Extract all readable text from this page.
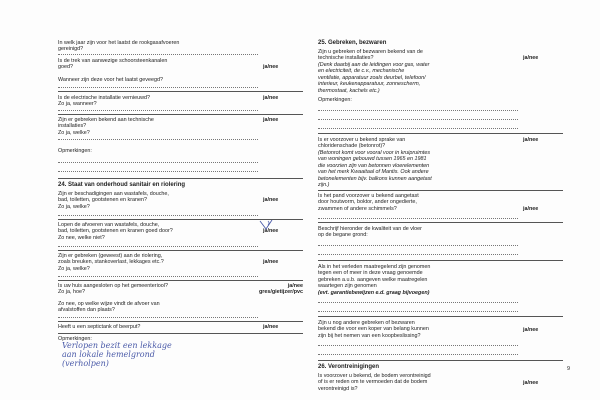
In welk jaar zijn voor het laatst de rookgasafvoeren
gereinigd?
Is de trek van aanwezige schoorsteenkanalen
goed?	ja/nee
Wanneer zijn deze voor het laatst geveegd?
Is de electrische installatie vernieuwd?
Zo ja, wanneer?
ja/nee
Zijn er gebreken bekend aan technische
installaties?
Zo ja, welke?
ja/nee
Opmerkingen:
24. Staat van onderhoud sanitair en riolering
Zijn er beschadigingen aan wastafels, douche,
bad, toiletten, gootstenen en kranen?
Zo ja, welke?
ja/nee
Lopen de afvoeren van wastafels, douche,
bad, toiletten, gootstenen en kranen goed door?
Zo nee, welke niet?
ja/nee
Zijn er gebreken (geweest) aan de riolering,
zoals breuken, stankoverlast, lekkages etc.?
Zo ja, welke?
ja/nee
Is uw huis aangesloten op het gemeenteriool?
Zo ja, hoe?
ja/nee
gres/gietijzer/pvc
Zo nee, op welke wijze vindt de afvoer van
afvalstoffen dan plaats?
Heeft u een septictank of beerput?	ja/nee
Opmerkingen:
Verlopen bezit een lekkage
aan lokale hemelgrond
(verholpen)
25. Gebreken, bezwaren
Zijn u gebreken of bezwaren bekend van de
technische installaties?	ja/nee
(Denk daarbij aan de leidingen voor gas, water
en electriciteit, de c.v., mechanische
ventilatie, apparatuur zoals deurbel, telefoon/
interieur, keukenapparatuur, zonnescherm,
thermostaat, kachels etc.)
Opmerkingen:
Is er voorzover u bekend sprake van
chloridenschade (betonrot)?
ja/nee
(Betonrot komt voor vooral voor in kruipruimtes
van woningen gebouwd tussen 1965 en 1981
die voorzien zijn van betonnen vloerelementen
van het merk Kwaaitaal of Mantis. Ook andere
betonelementen bijv. balkons kunnen aangetast
zijn.)
Is het pand voorzover u bekend aangetast
door houtworm, boktor, ander ongedierte,
zwammen of andere schimmels?	ja/nee
Beschrijf hieronder de kwaliteit van de vloer
op de begane grond:
Als in het verleden maatregelend zijn genomen
tegen een of meer in deze vraag genoemde
gebreken a.u.b. aangeven welke maatregelen
waartegen zijn genomen
(evt. garantiebewijzen e.d. graag bijvoegen)
Zijn u nog andere gebreken of bezwaren
bekend die voor een koper van belang kunnen
zijn bij het nemen van een koopbeslissing?
ja/nee
26. Verontreinigingen
Is voorzover u bekend, de bodem verontreinigd
of is er reden om te vermoeden dat de bodem
verontreinigd is?
ja/nee
9
